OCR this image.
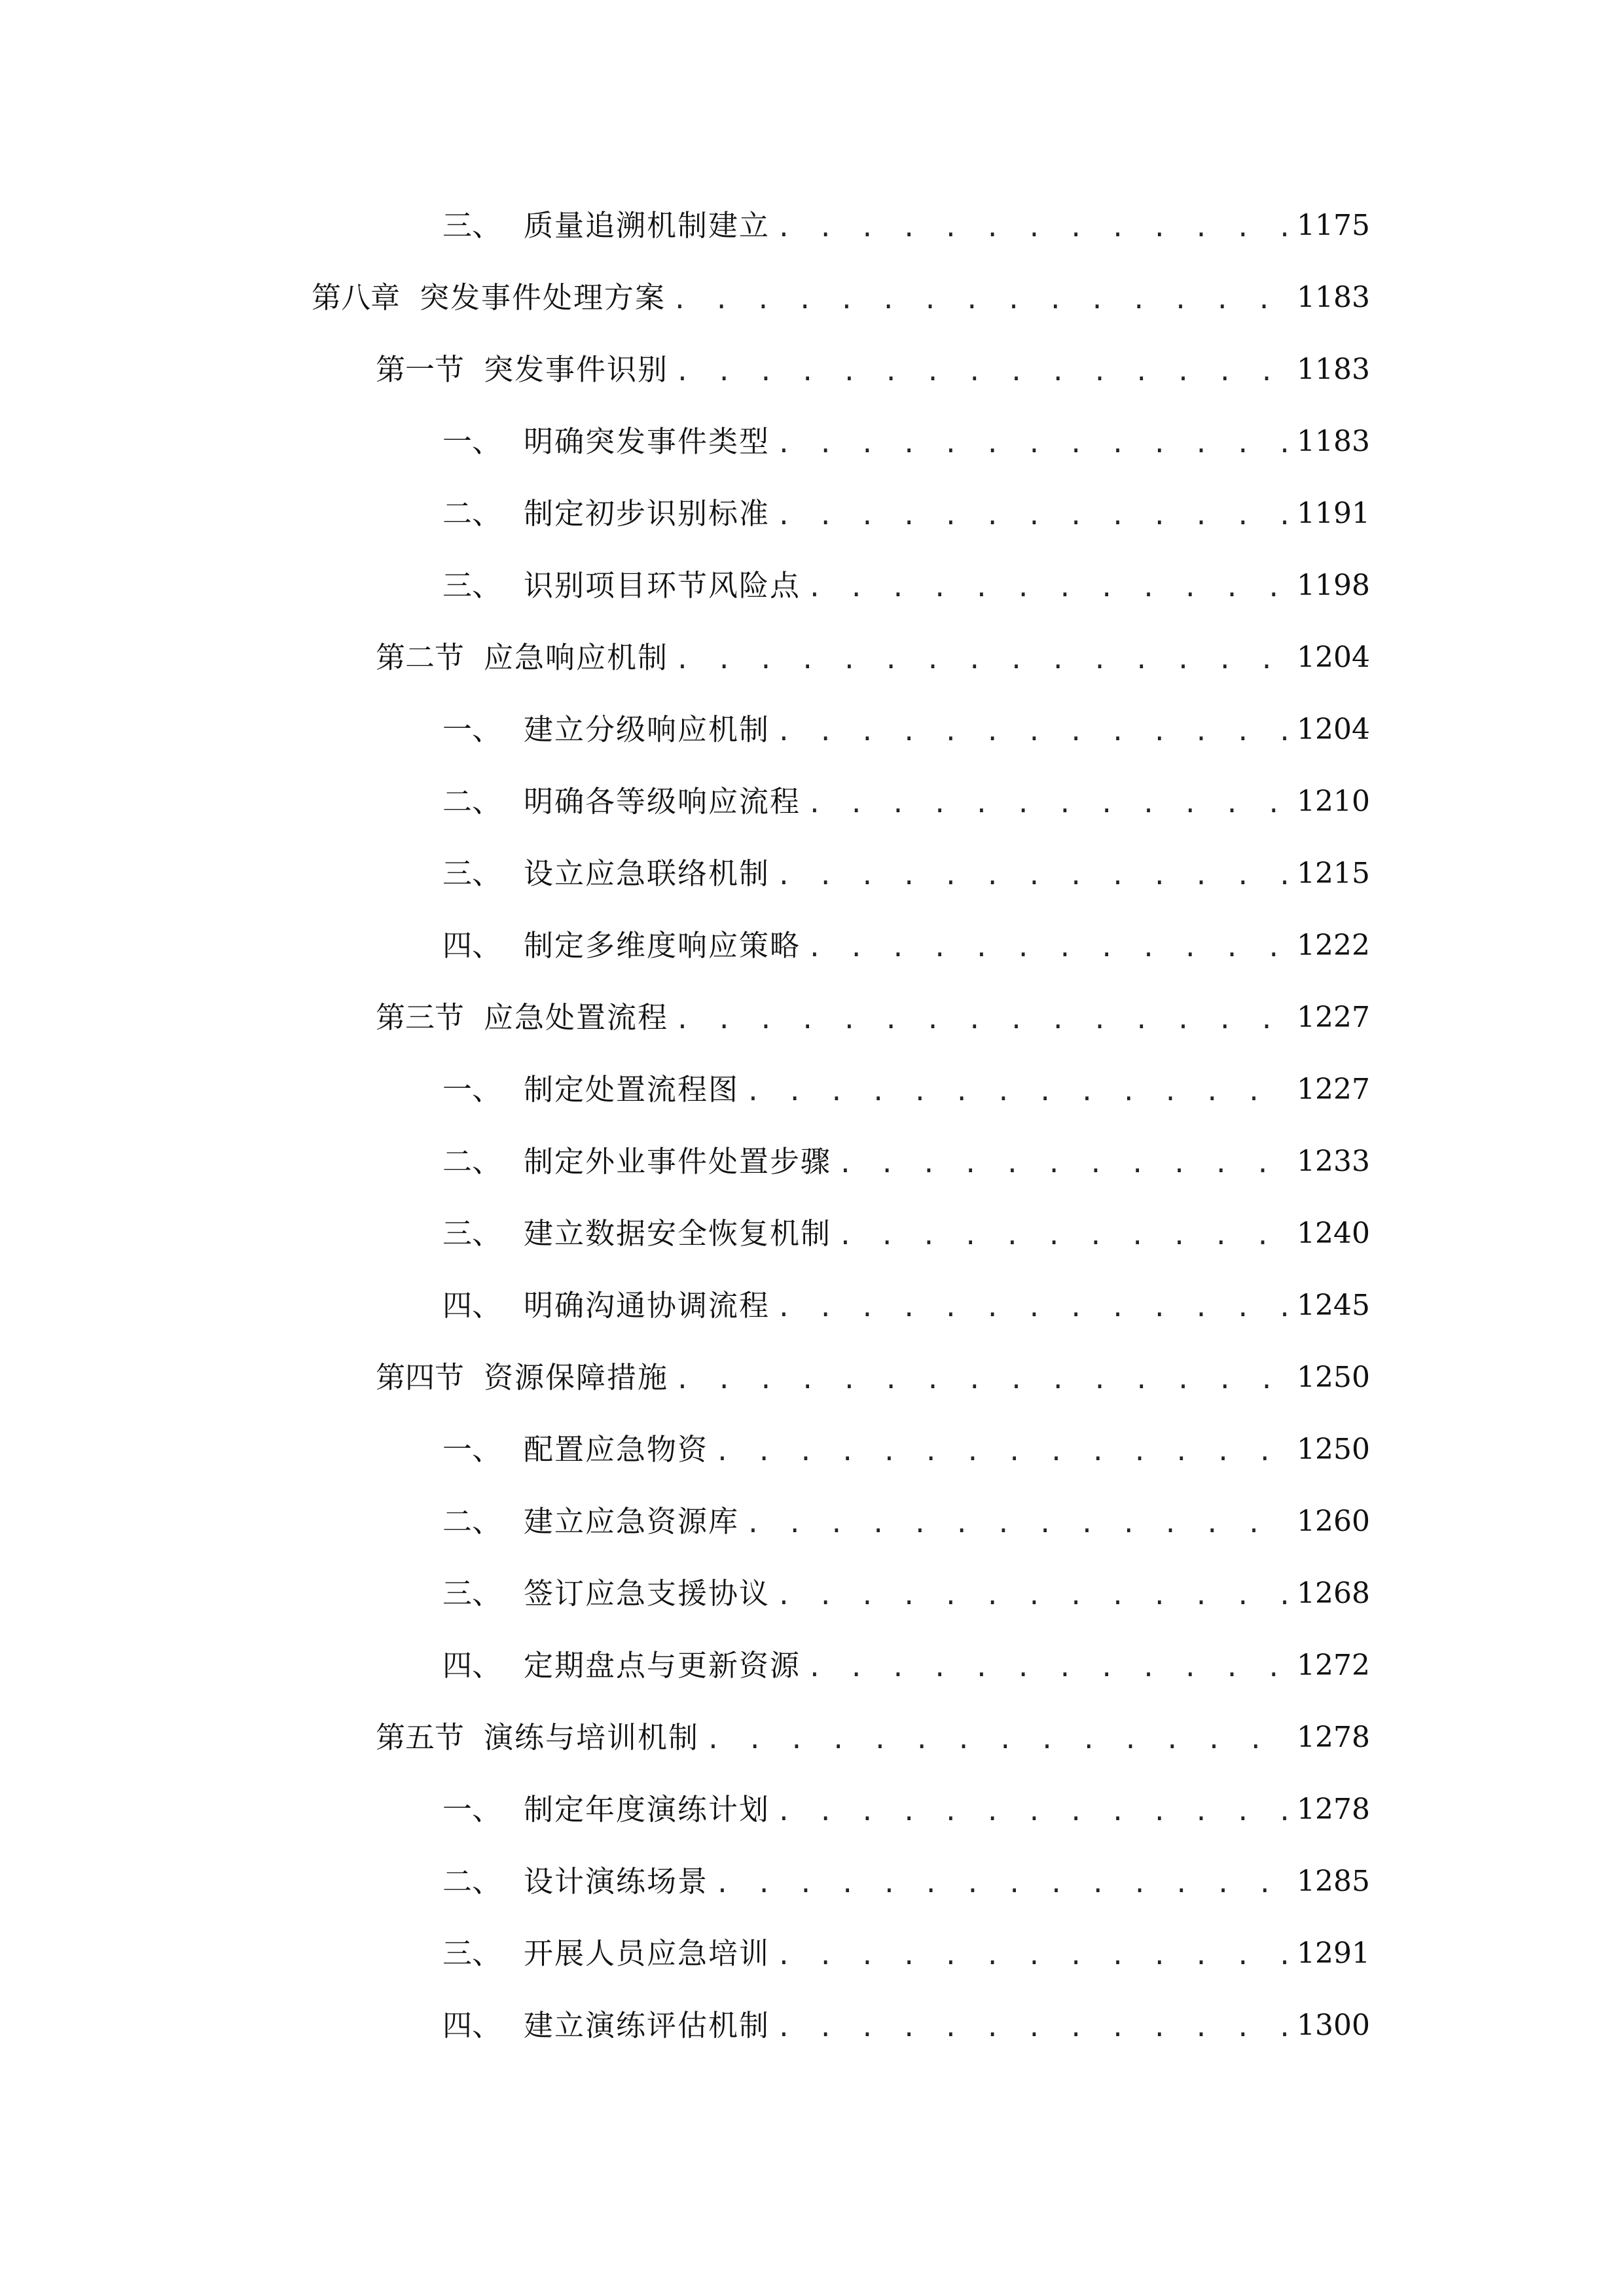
三、 质量追溯机制建立 . . .	1175
第八章 突发事件处理方案 . . .	1183
第一节 突发事件识别 . . .	1183
一、 明确突发事件类型 . . .	1183
二、 制定初步识别标准 . . .	1191
三、 识别项目环节风险点 . . .	1198
第二节 应急响应机制 . . .	1204
一、 建立分级响应机制 . . .	1204
二、 明确各等级响应流程 . . .	1210
三、 设立应急联络机制 . . .	1215
四、 制定多维度响应策略 . . .	1222
第三节 应急处置流程 . . .	1227
一、 制定处置流程图 . . .	1227
二、 制定外业事件处置步骤 . . .	1233
三、 建立数据安全恢复机制 . . .	1240
四、 明确沟通协调流程 . . .	1245
第四节 资源保障措施 . . .	1250
一、 配置应急物资 . . .	1250
二、 建立应急资源库 . . .	1260
三、 签订应急支援协议 . . .	1268
四、 定期盘点与更新资源 . . .	1272
第五节 演练与培训机制 . . .	1278
一、 制定年度演练计划 . . .	1278
二、 设计演练场景 . . .	1285
三、 开展人员应急培训 . . .	1291
四、 建立演练评估机制 . . .	1300
